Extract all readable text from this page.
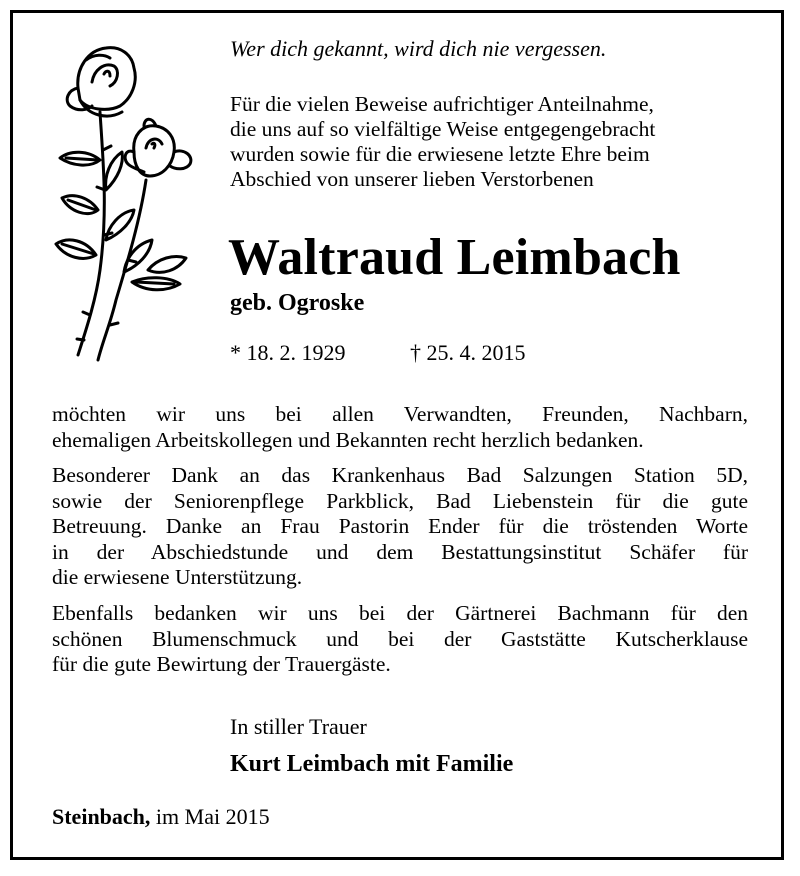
Wer dich gekannt, wird dich nie vergessen.

Für die vielen Beweise aufrichtiger Anteilnahme,
die uns auf so vielfältige Weise entgegengebracht
wurden sowie für die erwiesene letzte Ehre beim
Abschied von unserer lieben Verstorbenen
Waltraud Leimbach

geb. Ogroske

* 18. 2. 1929	† 25. 4. 2015

möchten wir uns bei allen Verwandten, Freunden, Nachbarn,
ehemaligen Arbeitskollegen und Bekannten recht herzlich bedanken.
Besonderer Dank an das Krankenhaus Bad Salzungen Station 5D,
sowie der Seniorenpflege Parkblick, Bad Liebenstein für die gute
Betreuung. Danke an Frau Pastorin Ender für die tröstenden Worte
in der Abschiedstunde und dem Bestattungsinstitut Schäfer für
die erwiesene Unterstützung.
Ebenfalls bedanken wir uns bei der Gärtnerei Bachmann für den
schönen Blumenschmuck und bei der Gaststätte Kutscherklause
für die gute Bewirtung der Trauergäste.

In stiller Trauer

Kurt Leimbach mit Familie

Steinbach, im Mai 2015
